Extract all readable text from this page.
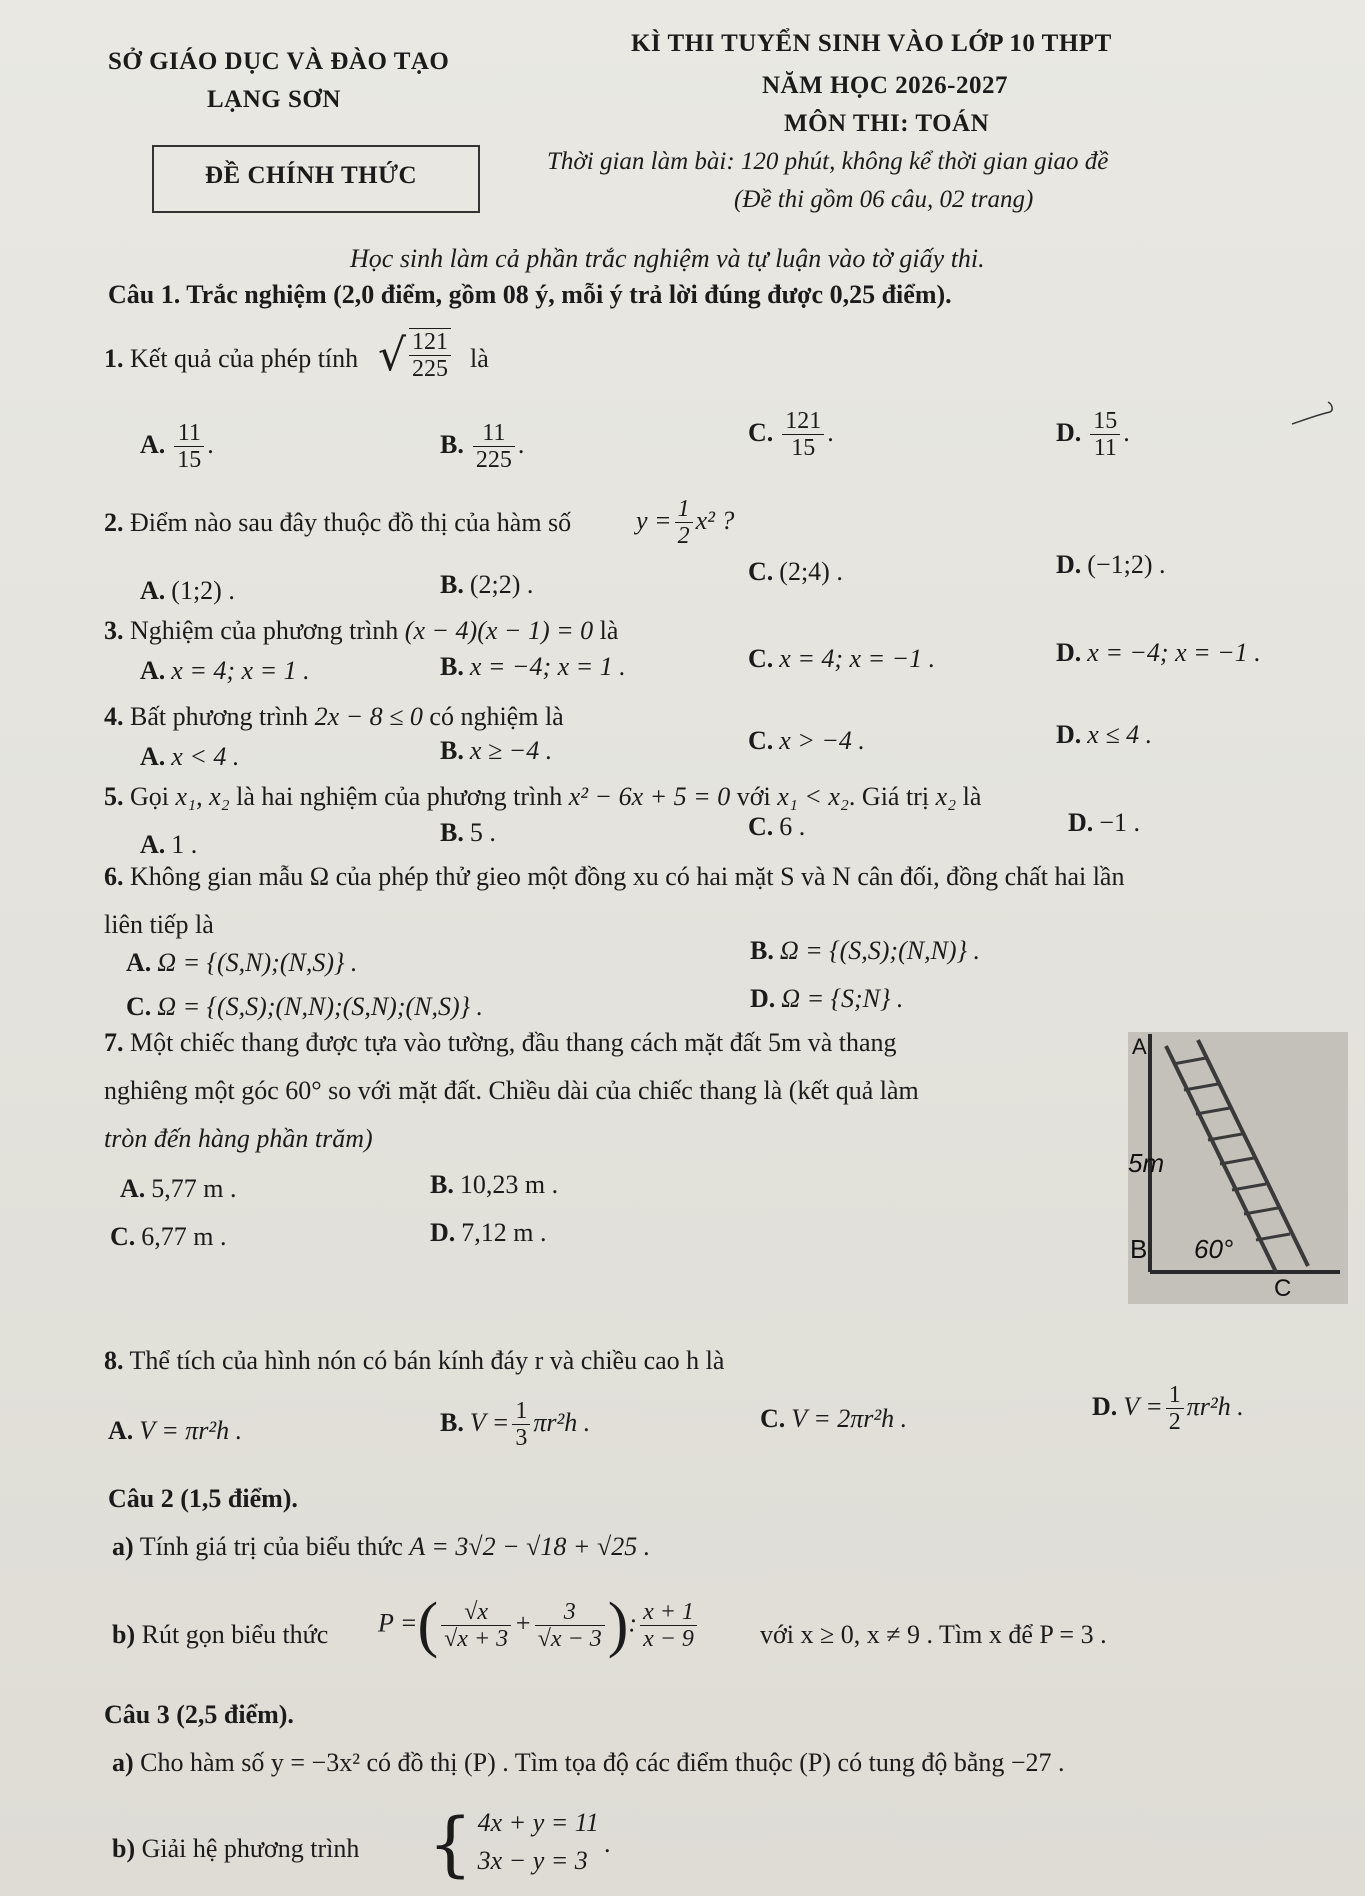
SỞ GIÁO DỤC VÀ ĐÀO TẠO
LẠNG SƠN
ĐỀ CHÍNH THỨC
KÌ THI TUYỂN SINH VÀO LỚP 10 THPT
NĂM HỌC 2026-2027
MÔN THI: TOÁN
Thời gian làm bài: 120 phút, không kể thời gian giao đề
(Đề thi gồm 06 câu, 02 trang)
Học sinh làm cả phần trắc nghiệm và tự luận vào tờ giấy thi.
Câu 1. Trắc nghiệm (2,0 điểm, gồm 08 ý, mỗi ý trả lời đúng được 0,25 điểm).
1. Kết quả của phép tính √ $\frac{121}{225}$ là
A. $\frac{11}{15}$ .	B. $\frac{11}{225}$ .	C. $\frac{121}{15}$ .	D. $\frac{15}{11}$ .
2. Điểm nào sau đây thuộc đồ thị của hàm số $y = \frac{1}{2} x^2$ ?
A. (1;2) .	B. (2;2) .	C. (2;4) .	D. (−1;2) .
3. Nghiệm của phương trình (x − 4)(x − 1) = 0 là
A. x = 4; x = 1 .	B. x = −4; x = 1 .	C. x = 4; x = −1 .	D. x = −4; x = −1 .
4. Bất phương trình 2x − 8 ≤ 0 có nghiệm là
A. x < 4 .	B. x ≥ −4 .	C. x > −4 .	D. x ≤ 4 .
5. Gọi x₁, x₂ là hai nghiệm của phương trình x² − 6x + 5 = 0 với x₁ < x₂. Giá trị x₂ là
A. 1 .	B. 5 .	C. 6 .	D. −1 .
6. Không gian mẫu Ω của phép thử gieo một đồng xu có hai mặt S và N cân đối, đồng chất hai lần
liên tiếp là
A. Ω = {(S,N);(N,S)} .	B. Ω = {(S,S);(N,N)} .
C. Ω = {(S,S);(N,N);(S,N);(N,S)} .	D. Ω = {S;N} .
7. Một chiếc thang được tựa vào tường, đầu thang cách mặt đất 5m và thang
nghiêng một góc 60° so với mặt đất. Chiều dài của chiếc thang là (kết quả làm
tròn đến hàng phần trăm)
A. 5,77 m .	B. 10,23 m .
C. 6,77 m .	D. 7,12 m .
A
5m
B 60°
C
8. Thể tích của hình nón có bán kính đáy r và chiều cao h là
A. V = πr²h .	B. $V = \frac{1}{3} \pi r^2h$ .	C. V = 2πr²h .	D. $V = \frac{1}{2} \pi r^2h$ .
Câu 2 (1,5 điểm).
a) Tính giá trị của biểu thức A = 3√2 − √18 + √25 .
b) Rút gọn biểu thức P =( $\frac{√x}{√x + 3} + \frac{3}{√x - 3}$ ): $\frac{x + 1}{x - 9}$ với x ≥ 0, x ≠ 9 . Tìm x để P = 3 .
Câu 3 (2,5 điểm).
a) Cho hàm số y = −3x² có đồ thị (P) . Tìm tọa độ các điểm thuộc (P) có tung độ bằng −27 .
b) Giải hệ phương trình { 4x + y = 11
3x − y = 3
.
